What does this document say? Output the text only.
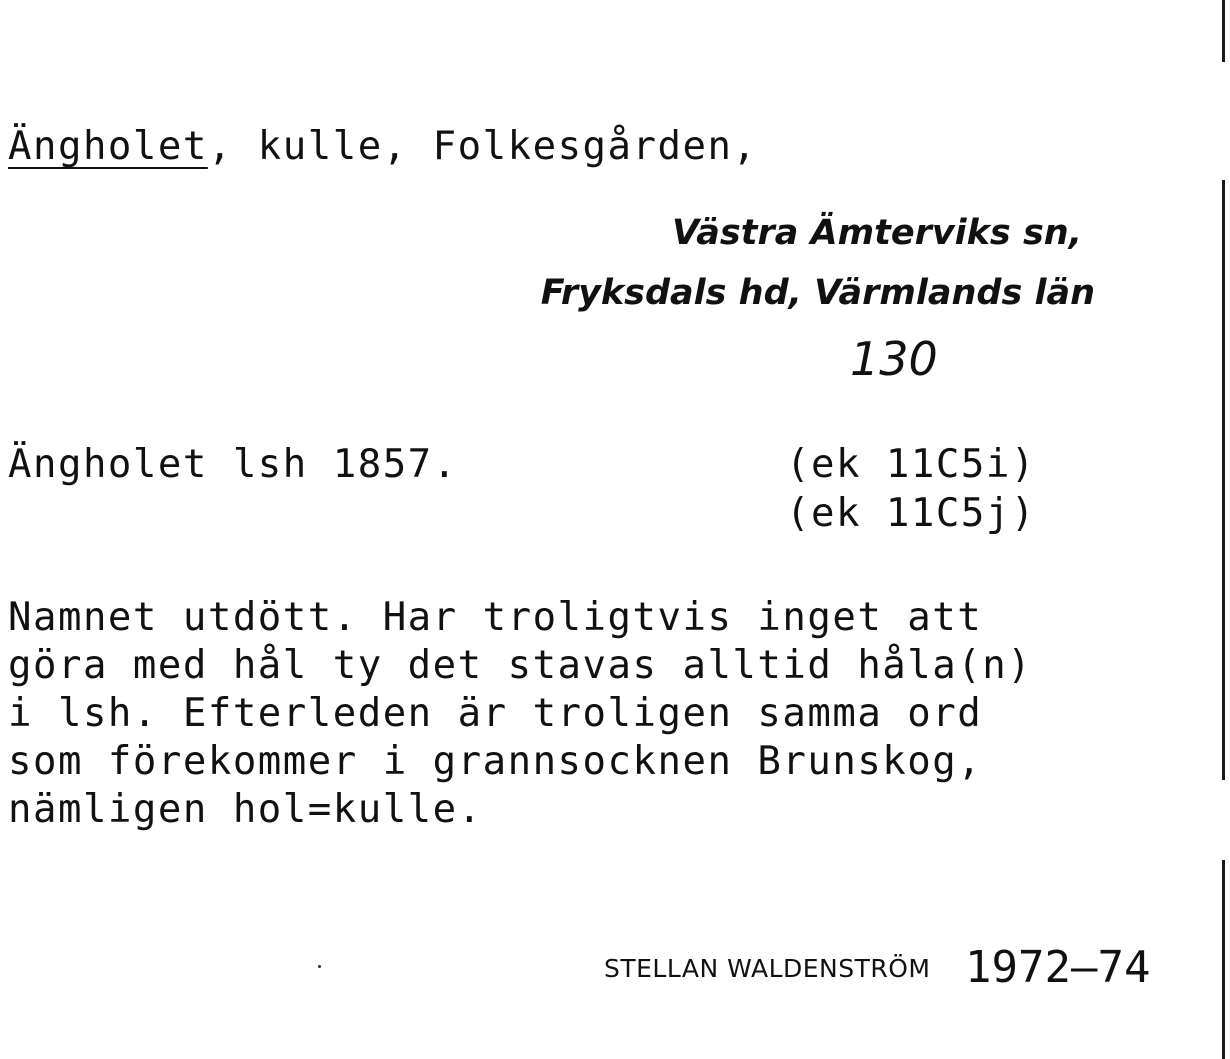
Ängholet, kulle, Folkesgården,
Västra Ämterviks sn,
Fryksdals hd, Värmlands län
130
Ängholet lsh 1857.	(ek 11C5i)
(ek 11C5j)
Namnet utdött. Har troligtvis inget att
göra med hål ty det stavas alltid håla(n)
i lsh. Efterleden är troligen samma ord
som förekommer i grannsocknen Brunskog,
nämligen hol=kulle.
STELLAN WALDENSTRÖM 1972–74
